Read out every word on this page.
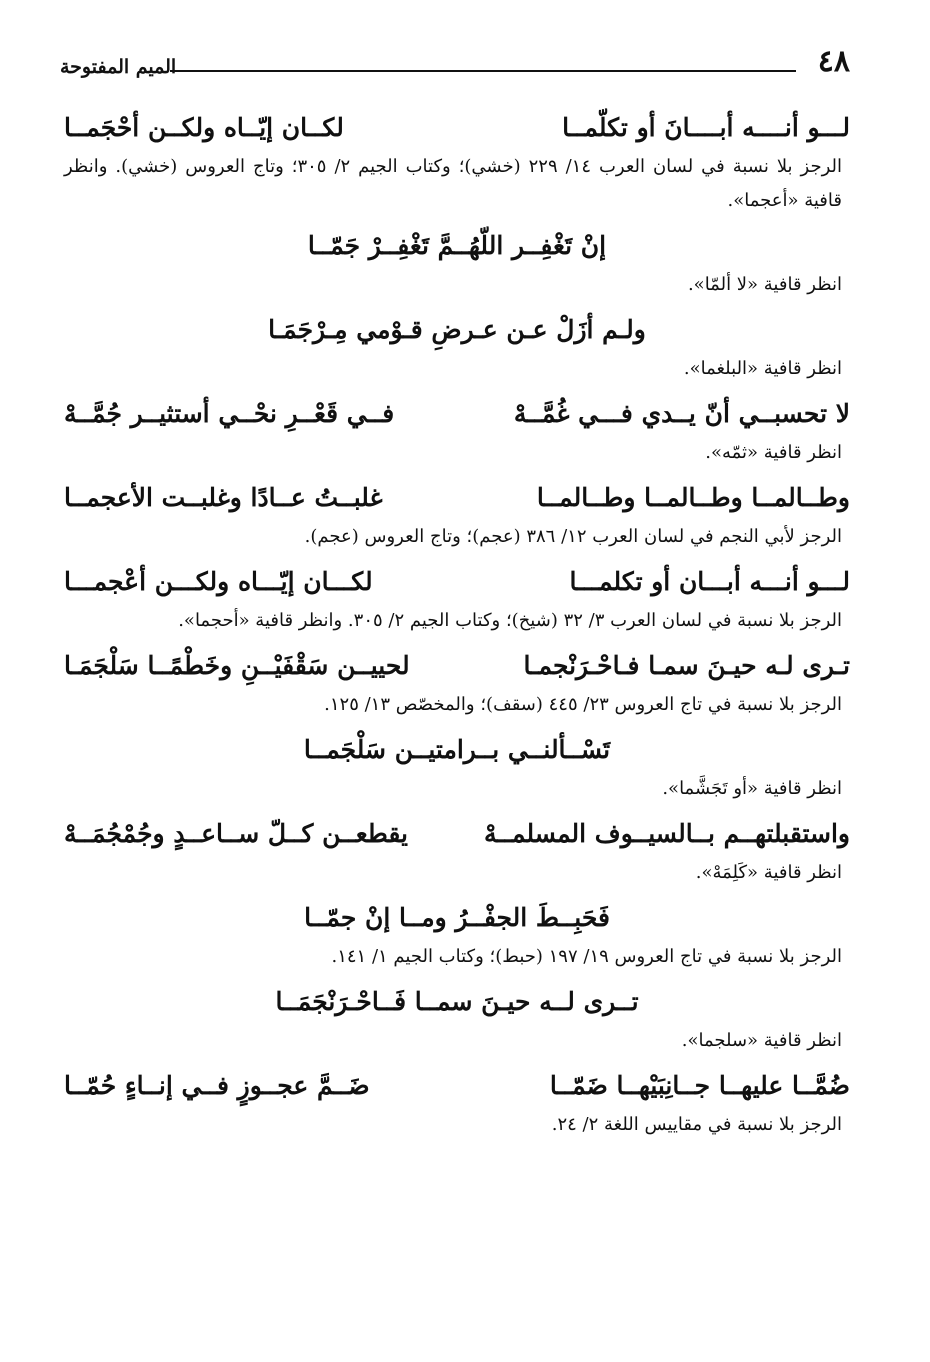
٤٨
الميم المفتوحة
لـــو أنــــه أبــــانَ أو تكلّمــا
لكــان إيّــاه ولكــن أحْجَمــا

الرجز بلا نسبة في لسان العرب ١٤/ ٢٢٩ (خشي)؛ وكتاب الجيم ٢/ ٣٠٥؛ وتاج العروس (خشي). وانظر قافية «أعجما».

إنْ تَغْفِــر اللّهُــمَّ تَغْفِــرْ جَمّــا

انظر قافية «لا ألمّا».

ولـم أزَلْ عـن عـرضِ قـوْمي مِـرْجَمَـا

انظر قافية «البلغما».

لا تحسبــي أنّ يــدي فـــي غُمَّــهْ
فــي قَعْــرِ نحْــي أستثيــر جُمَّــهْ

انظر قافية «ثمّه».

وطــالمــا وطــالمــا وطــالمــا
غلبــتُ عــادًا وغلبــت الأعجمــا

الرجز لأبي النجم في لسان العرب ١٢/ ٣٨٦ (عجم)؛ وتاج العروس (عجم).

لـــو أنـــه أبـــان أو تكلمـــا
لكـــان إيّـــاه ولكـــن أعْجمـــا

الرجز بلا نسبة في لسان العرب ٣/ ٣٢ (شيخ)؛ وكتاب الجيم ٢/ ٣٠٥. وانظر قافية «أحجما».

تـرى لـه حيـنَ سمـا فـاحْـرَنْجمـا
لحييــن سَقْفَيْــنِ وخَطْمًــا سَلْجَمَـا

الرجز بلا نسبة في تاج العروس ٢٣/ ٤٤٥ (سقف)؛ والمخصّص ١٣/ ١٢٥.

تَسْــألنــي بــرامتيــن سَلْجَمــا

انظر قافية «أو تَجَشَّما».

واستقبلتهــم بــالسيــوف المسلمــهْ
يقطعــن كــلّ ســاعــدٍ وجُمْجُمَــهْ

انظر قافية «كَلِمَهْ».

فَحَبِــطَ الجفْــرُ ومــا إنْ جمّــا

الرجز بلا نسبة في تاج العروس ١٩/ ١٩٧ (حبط)؛ وكتاب الجيم ١/ ١٤١.

تــرى لــه حيـنَ سمــا فَــاحْـرَنْجَمَــا

انظر قافية «سلجما».

ضُمَّــا عليهــا جــانِبَيْهــا ضَمّــا
ضَــمَّ عجــوزٍ فــي إنــاءٍ حُمّــا

الرجز بلا نسبة في مقاييس اللغة ٢/ ٢٤.
